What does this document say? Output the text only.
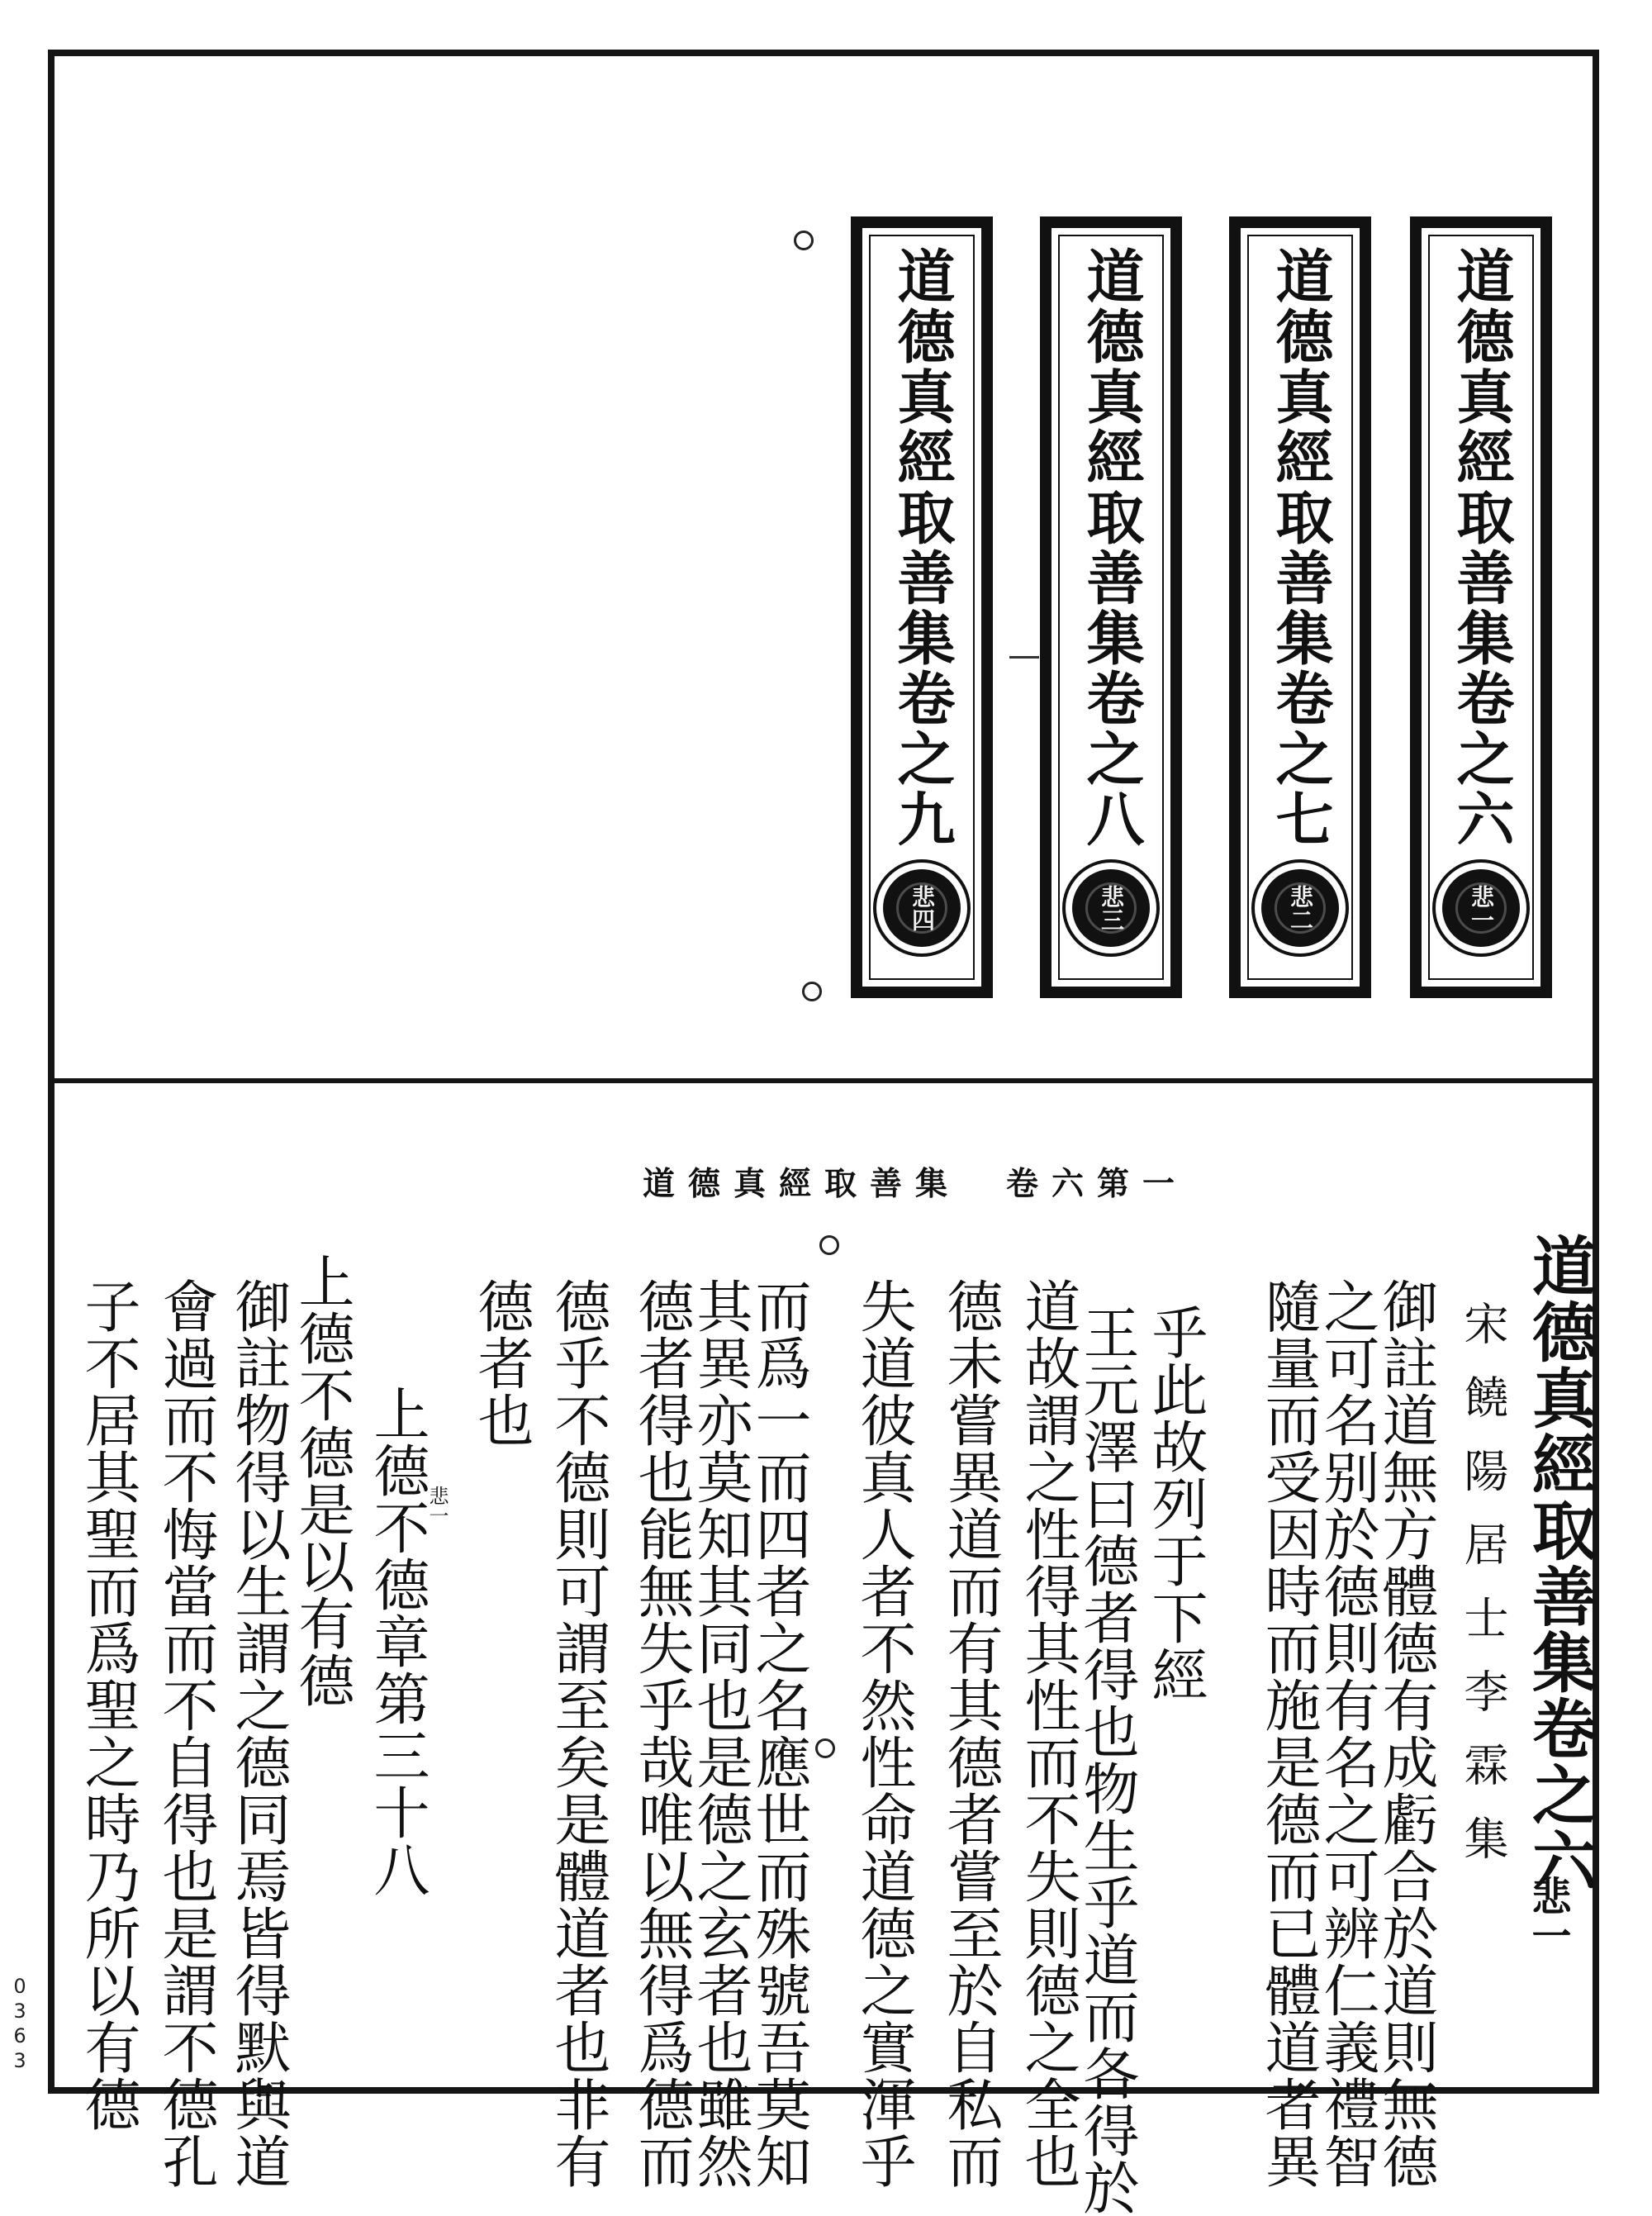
0363
道德真經取善集卷之六
悲一
道德真經取善集卷之七
悲二
道德真經取善集卷之八
悲三
道德真經取善集卷之九
悲四
道德真經取善集　卷六第一
道德真經取善集卷之六
悲一
宋饒陽居士李霖集
御註道無方體德有成虧合於道則無德
之可名别於德則有名之可辨仁義禮智
隨量而受因時而施是德而已體道者異
乎此故列于下經
王元澤曰德者得也物生乎道而各得於
道故謂之性得其性而不失則德之全也
德未嘗異道而有其德者嘗至於自私而
失道彼真人者不然性命道德之實渾乎
而爲一而四者之名應世而殊號吾莫知
其異亦莫知其同也是德之玄者也雖然
德者得也能無失乎哉唯以無得爲德而
德乎不德則可謂至矣是體道者也非有
德者也
上德不德章第三十八
悲一
上德不德是以有德
御註物得以生謂之德同焉皆得默與道
會過而不悔當而不自得也是謂不德孔
子不居其聖而爲聖之時乃所以有德
